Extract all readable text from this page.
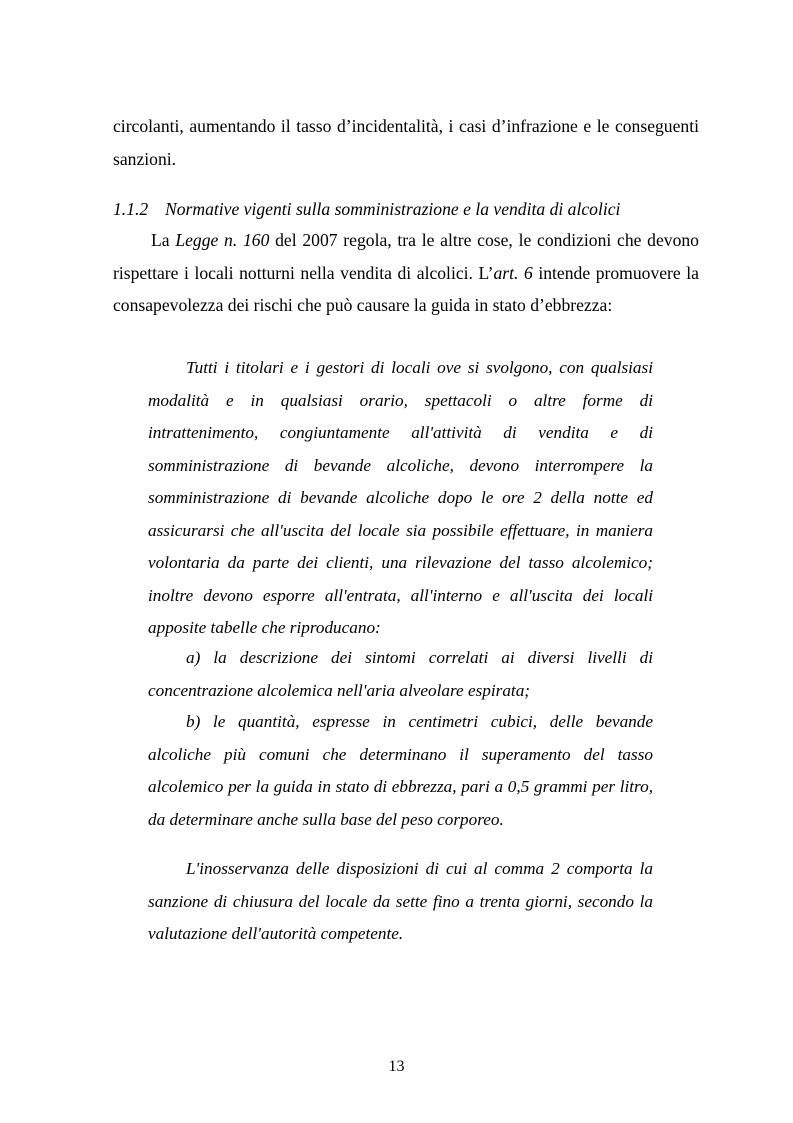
circolanti, aumentando il tasso d’incidentalità, i casi d’infrazione e le conseguenti sanzioni.

1.1.2 Normative vigenti sulla somministrazione e la vendita di alcolici

La Legge n. 160 del 2007 regola, tra le altre cose, le condizioni che devono rispettare i locali notturni nella vendita di alcolici. L’art. 6 intende promuovere la consapevolezza dei rischi che può causare la guida in stato d’ebbrezza:

Tutti i titolari e i gestori di locali ove si svolgono, con qualsiasi modalità e in qualsiasi orario, spettacoli o altre forme di intrattenimento, congiuntamente all'attività di vendita e di somministrazione di bevande alcoliche, devono interrompere la somministrazione di bevande alcoliche dopo le ore 2 della notte ed assicurarsi che all'uscita del locale sia possibile effettuare, in maniera volontaria da parte dei clienti, una rilevazione del tasso alcolemico; inoltre devono esporre all'entrata, all'interno e all'uscita dei locali apposite tabelle che riproducano:

a) la descrizione dei sintomi correlati ai diversi livelli di concentrazione alcolemica nell'aria alveolare espirata;

b) le quantità, espresse in centimetri cubici, delle bevande alcoliche più comuni che determinano il superamento del tasso alcolemico per la guida in stato di ebbrezza, pari a 0,5 grammi per litro, da determinare anche sulla base del peso corporeo.

L'inosservanza delle disposizioni di cui al comma 2 comporta la sanzione di chiusura del locale da sette fino a trenta giorni, secondo la valutazione dell'autorità competente.

13
